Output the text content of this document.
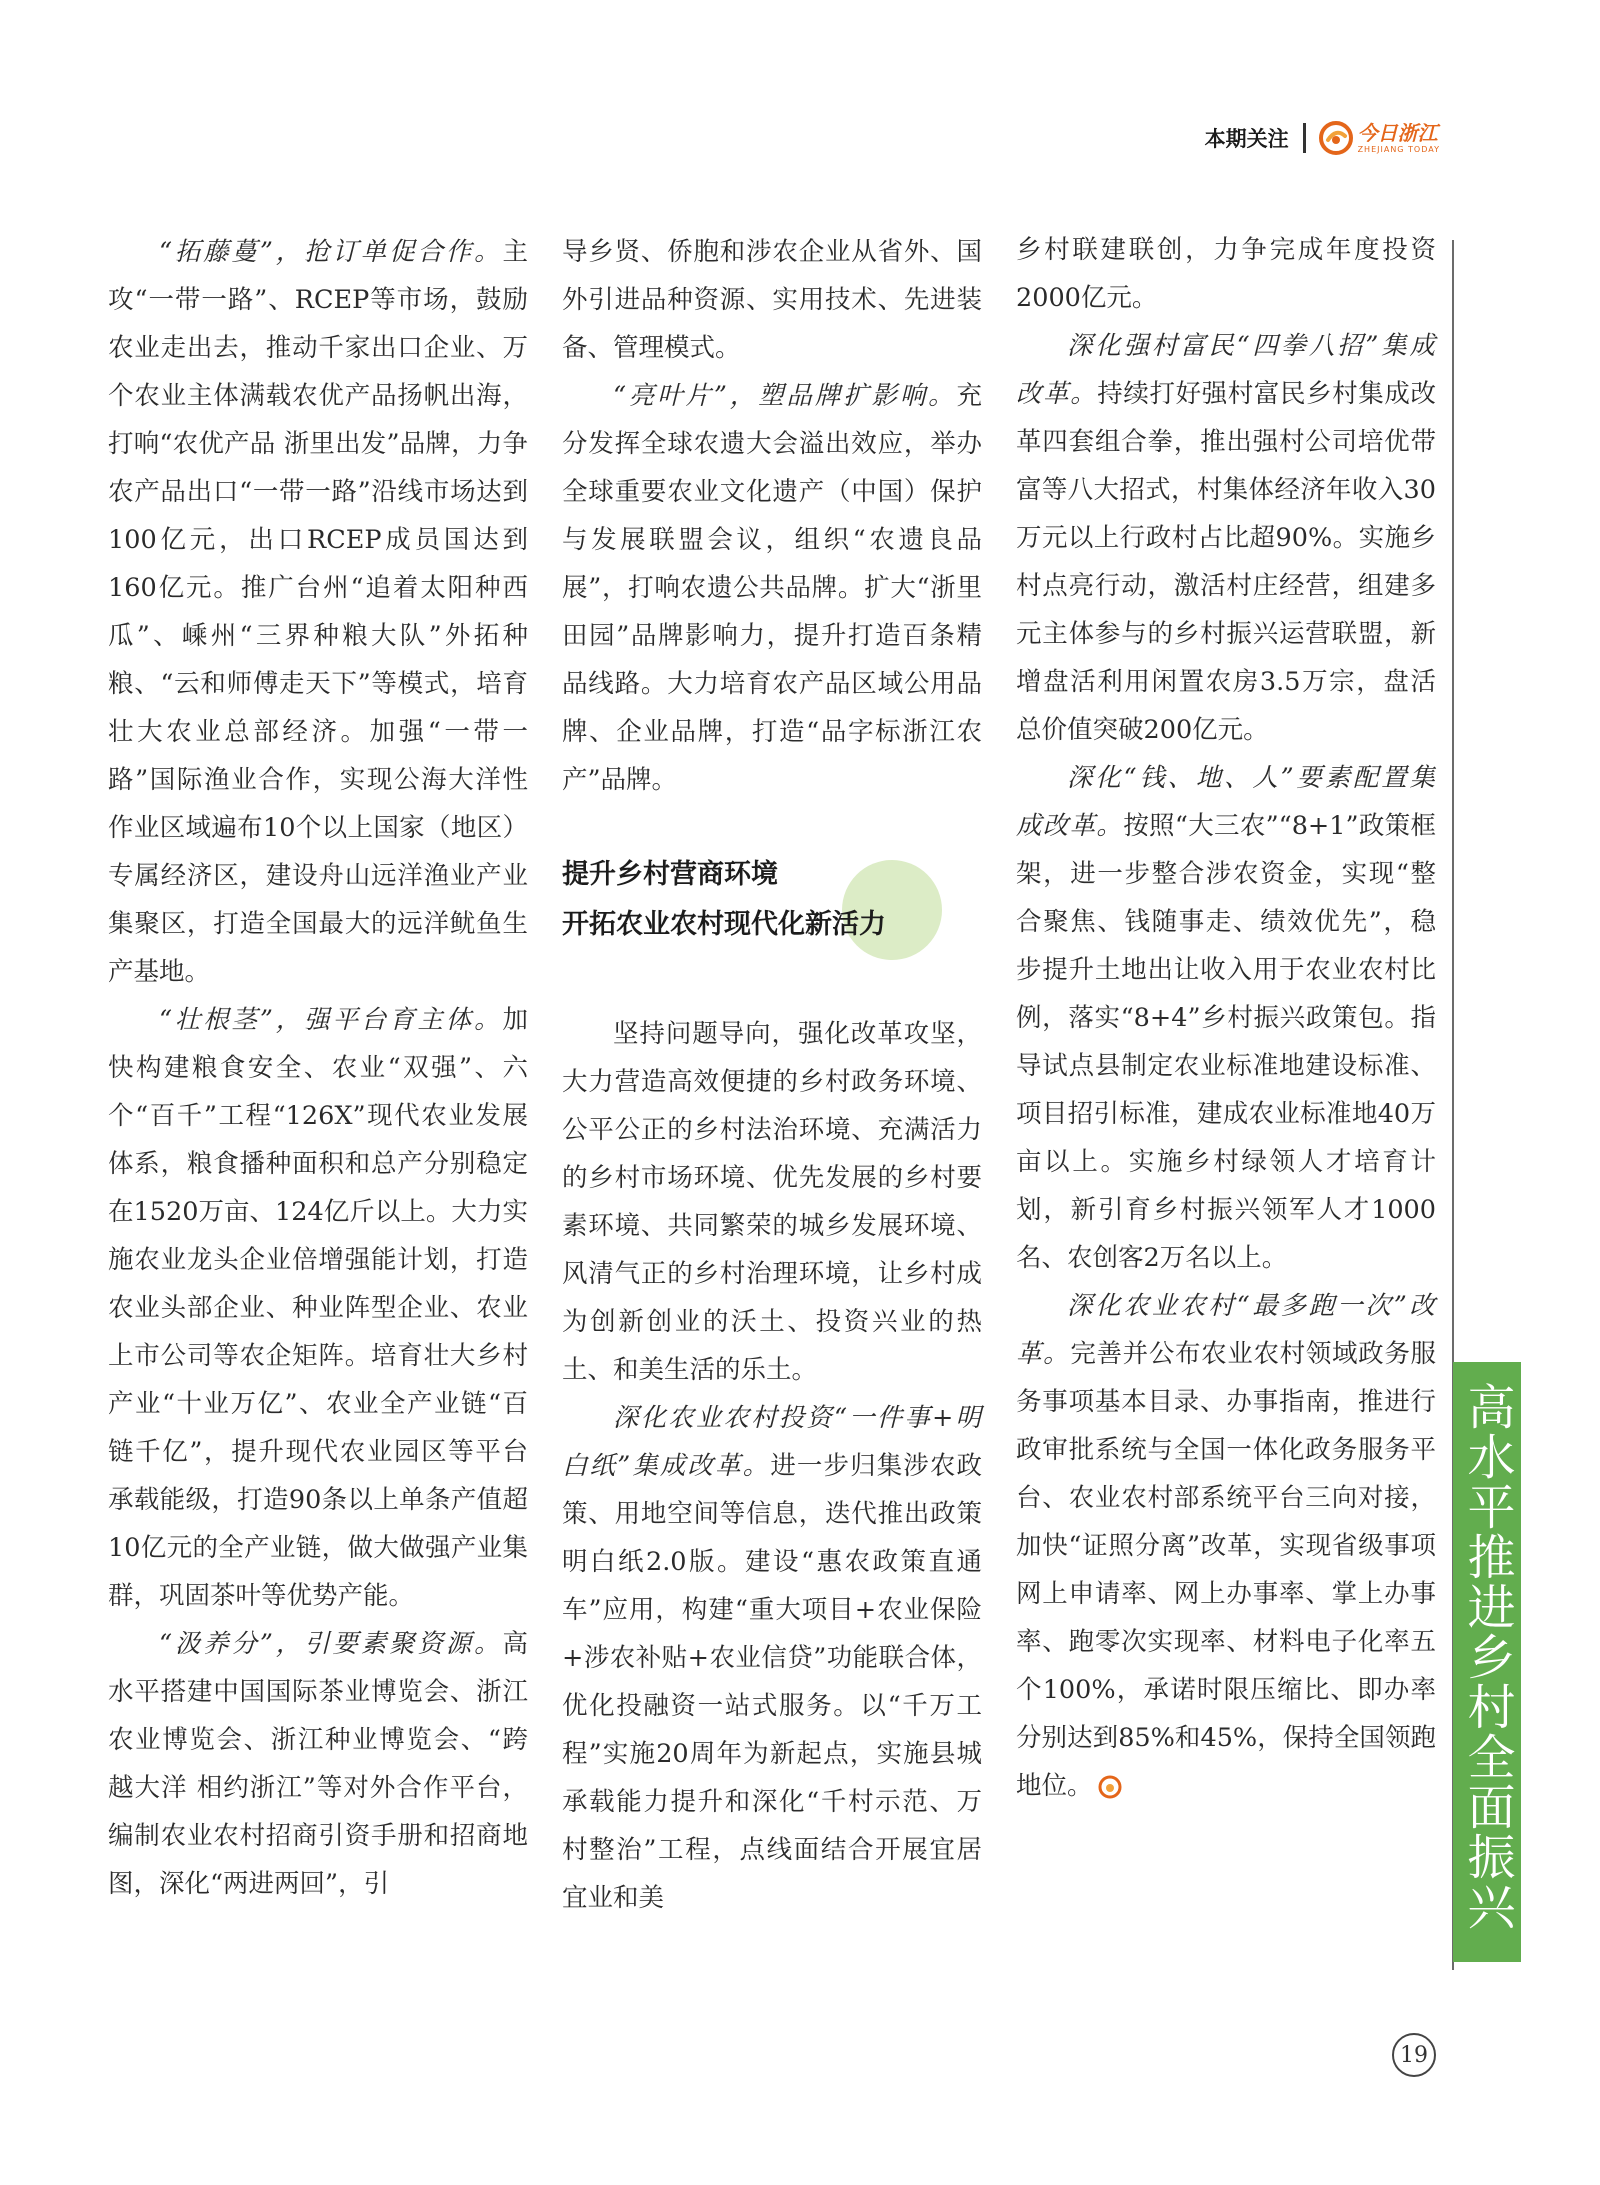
本期关注	今日浙江
ZHEJIANG TODAY

“拓藤蔓”，抢订单促合作。主攻“一带一路”、RCEP等市场，鼓励农业走出去，推动千家出口企业、万个农业主体满载农优产品扬帆出海，打响“农优产品 浙里出发”品牌，力争农产品出口“一带一路”沿线市场达到100亿元，出口RCEP成员国达到160亿元。推广台州“追着太阳种西瓜”、嵊州“三界种粮大队”外拓种粮、“云和师傅走天下”等模式，培育壮大农业总部经济。加强“一带一路”国际渔业合作，实现公海大洋性作业区域遍布10个以上国家（地区）专属经济区，建设舟山远洋渔业产业集聚区，打造全国最大的远洋鱿鱼生产基地。

“壮根茎”，强平台育主体。加快构建粮食安全、农业“双强”、六个“百千”工程“126X”现代农业发展体系，粮食播种面积和总产分别稳定在1520万亩、124亿斤以上。大力实施农业龙头企业倍增强能计划，打造农业头部企业、种业阵型企业、农业上市公司等农企矩阵。培育壮大乡村产业“十业万亿”、农业全产业链“百链千亿”，提升现代农业园区等平台承载能级，打造90条以上单条产值超10亿元的全产业链，做大做强产业集群，巩固茶叶等优势产能。

“汲养分”，引要素聚资源。高水平搭建中国国际茶业博览会、浙江农业博览会、浙江种业博览会、“跨越大洋 相约浙江”等对外合作平台，编制农业农村招商引资手册和招商地图，深化“两进两回”，引

导乡贤、侨胞和涉农企业从省外、国外引进品种资源、实用技术、先进装备、管理模式。

“亮叶片”，塑品牌扩影响。充分发挥全球农遗大会溢出效应，举办全球重要农业文化遗产（中国）保护与发展联盟会议，组织“农遗良品展”，打响农遗公共品牌。扩大“浙里田园”品牌影响力，提升打造百条精品线路。大力培育农产品区域公用品牌、企业品牌，打造“品字标浙江农产”品牌。

提升乡村营商环境
开拓农业农村现代化新活力

坚持问题导向，强化改革攻坚，大力营造高效便捷的乡村政务环境、公平公正的乡村法治环境、充满活力的乡村市场环境、优先发展的乡村要素环境、共同繁荣的城乡发展环境、风清气正的乡村治理环境，让乡村成为创新创业的沃土、投资兴业的热土、和美生活的乐土。

深化农业农村投资“一件事+明白纸”集成改革。进一步归集涉农政策、用地空间等信息，迭代推出政策明白纸2.0版。建设“惠农政策直通车”应用，构建“重大项目+农业保险+涉农补贴+农业信贷”功能联合体，优化投融资一站式服务。以“千万工程”实施20周年为新起点，实施县城承载能力提升和深化“千村示范、万村整治”工程，点线面结合开展宜居宜业和美

乡村联建联创，力争完成年度投资2000亿元。

深化强村富民“四拳八招”集成改革。持续打好强村富民乡村集成改革四套组合拳，推出强村公司培优带富等八大招式，村集体经济年收入30万元以上行政村占比超90%。实施乡村点亮行动，激活村庄经营，组建多元主体参与的乡村振兴运营联盟，新增盘活利用闲置农房3.5万宗，盘活总价值突破200亿元。

深化“钱、地、人”要素配置集成改革。按照“大三农”“8+1”政策框架，进一步整合涉农资金，实现“整合聚焦、钱随事走、绩效优先”，稳步提升土地出让收入用于农业农村比例，落实“8+4”乡村振兴政策包。指导试点县制定农业标准地建设标准、项目招引标准，建成农业标准地40万亩以上。实施乡村绿领人才培育计划，新引育乡村振兴领军人才1000名、农创客2万名以上。

深化农业农村“最多跑一次”改革。完善并公布农业农村领域政务服务事项基本目录、办事指南，推进行政审批系统与全国一体化政务服务平台、农业农村部系统平台三向对接，加快“证照分离”改革，实现省级事项网上申请率、网上办事率、掌上办事率、跑零次实现率、材料电子化率五个100%，承诺时限压缩比、即办率分别达到85%和45%，保持全国领跑地位。	高水平推进乡村全面振兴
19
